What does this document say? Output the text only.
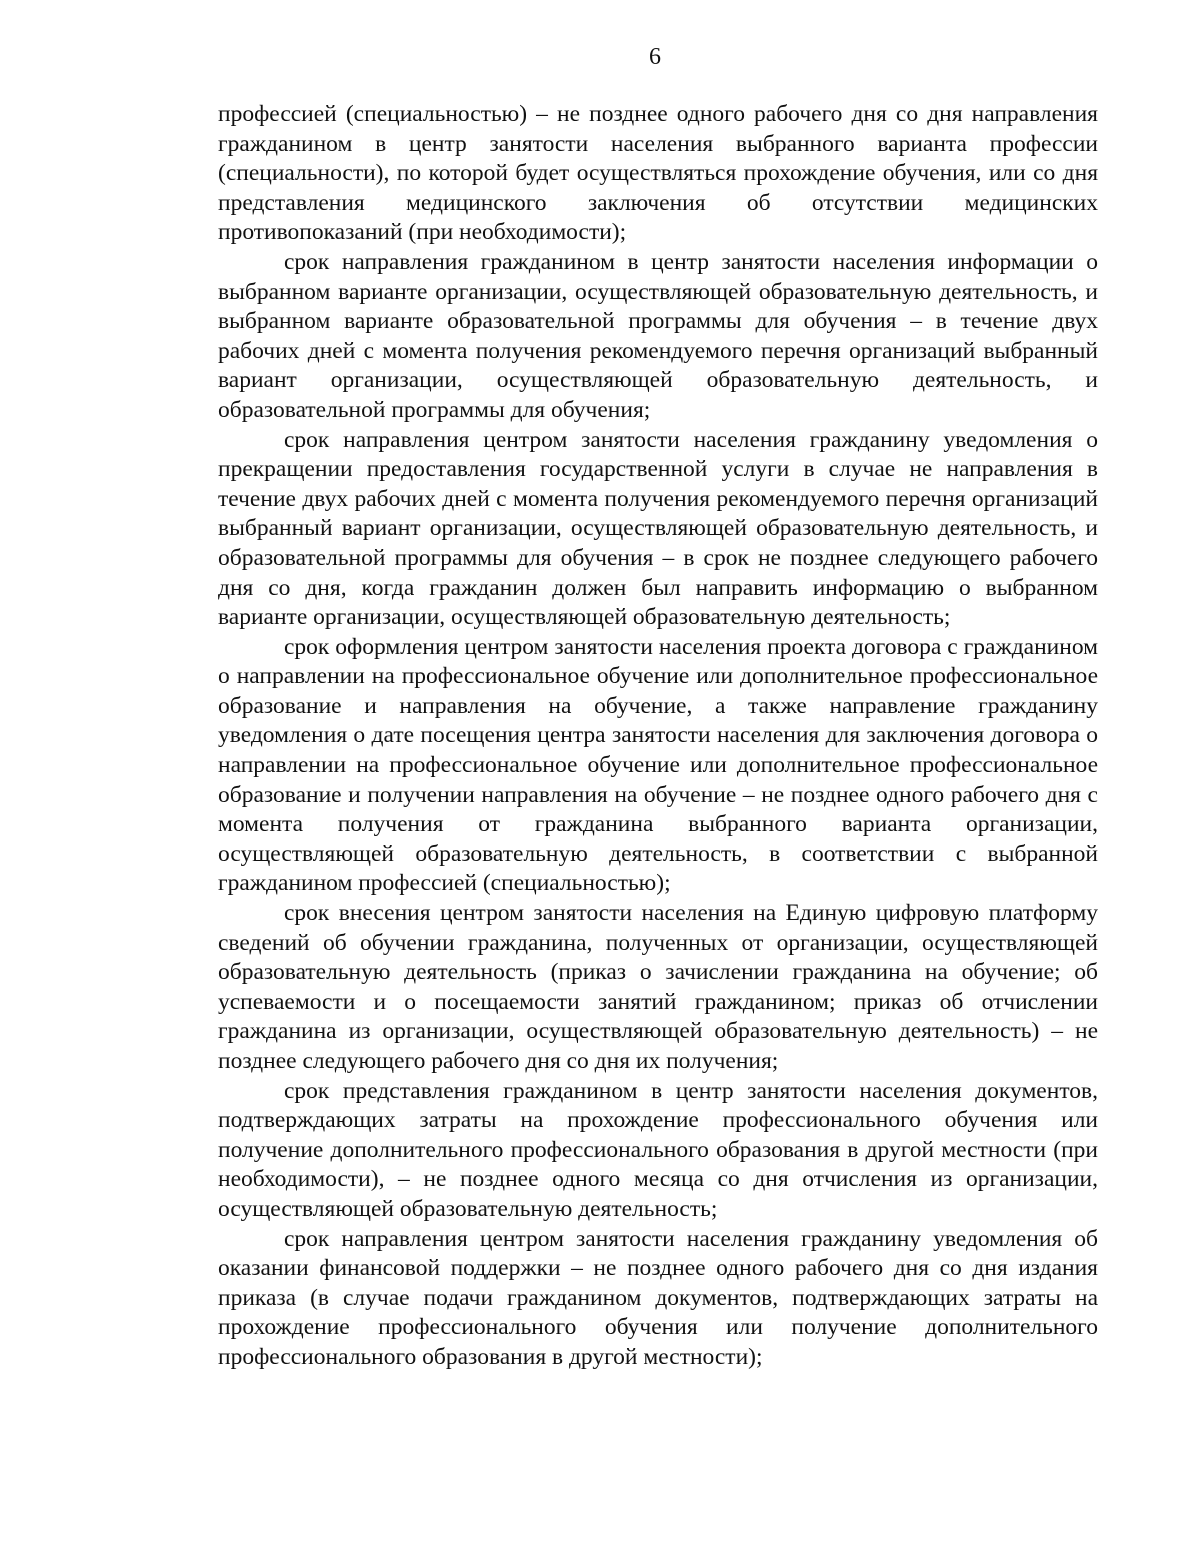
6

профессией (специальностью) – не позднее одного рабочего дня со дня направления гражданином в центр занятости населения выбранного варианта профессии (специальности), по которой будет осуществляться прохождение обучения, или со дня представления медицинского заключения об отсутствии медицинских противопоказаний (при необходимости);

срок направления гражданином в центр занятости населения информации о выбранном варианте организации, осуществляющей образовательную деятельность, и выбранном варианте образовательной программы для обучения – в течение двух рабочих дней с момента получения рекомендуемого перечня организаций выбранный вариант организации, осуществляющей образовательную деятельность, и образовательной программы для обучения;

срок направления центром занятости населения гражданину уведомления о прекращении предоставления государственной услуги в случае не направления в течение двух рабочих дней с момента получения рекомендуемого перечня организаций выбранный вариант организации, осуществляющей образовательную деятельность, и образовательной программы для обучения – в срок не позднее следующего рабочего дня со дня, когда гражданин должен был направить информацию о выбранном варианте организации, осуществляющей образовательную деятельность;

срок оформления центром занятости населения проекта договора с гражданином о направлении на профессиональное обучение или дополнительное профессиональное образование и направления на обучение, а также направление гражданину уведомления о дате посещения центра занятости населения для заключения договора о направлении на профессиональное обучение или дополнительное профессиональное образование и получении направления на обучение – не позднее одного рабочего дня с момента получения от гражданина выбранного варианта организации, осуществляющей образовательную деятельность, в соответствии с выбранной гражданином профессией (специальностью);

срок внесения центром занятости населения на Единую цифровую платформу сведений об обучении гражданина, полученных от организации, осуществляющей образовательную деятельность (приказ о зачислении гражданина на обучение; об успеваемости и о посещаемости занятий гражданином; приказ об отчислении гражданина из организации, осуществляющей образовательную деятельность) – не позднее следующего рабочего дня со дня их получения;

срок представления гражданином в центр занятости населения документов, подтверждающих затраты на прохождение профессионального обучения или получение дополнительного профессионального образования в другой местности (при необходимости), – не позднее одного месяца со дня отчисления из организации, осуществляющей образовательную деятельность;

срок направления центром занятости населения гражданину уведомления об оказании финансовой поддержки – не позднее одного рабочего дня со дня издания приказа (в случае подачи гражданином документов, подтверждающих затраты на прохождение профессионального обучения или получение дополнительного профессионального образования в другой местности);
